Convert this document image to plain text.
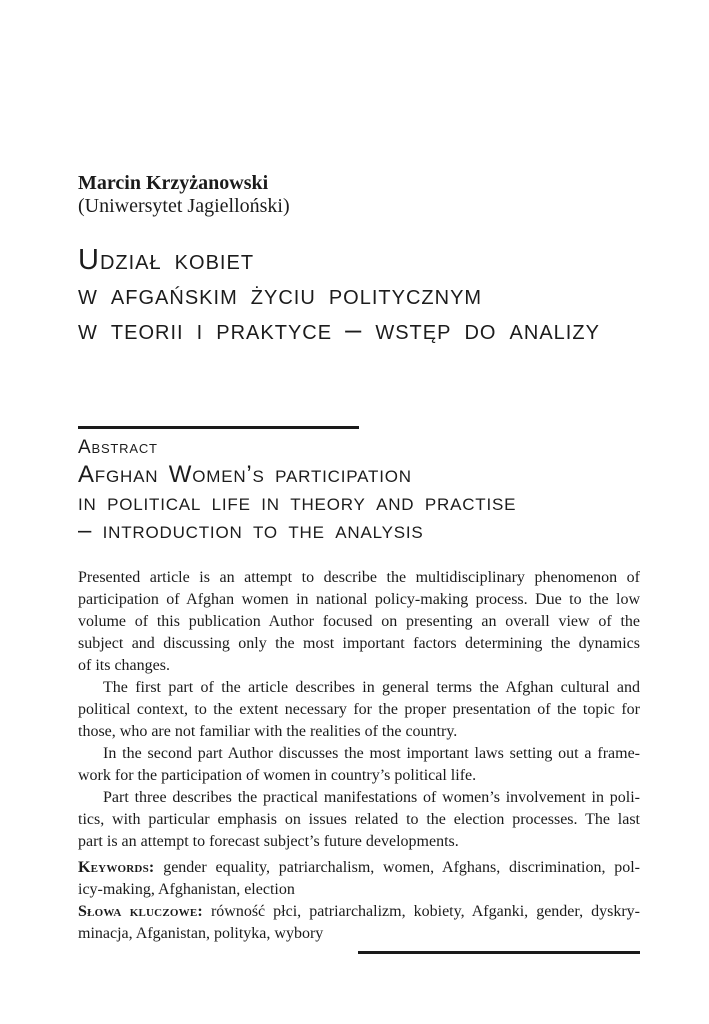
Marcin Krzyżanowski
(Uniwersytet Jagielloński)
Udział kobiet
w afgańskim życiu politycznym
w teorii i praktyce – wstęp do analizy
Abstract
Afghan Women’s participation
in political life in theory and practise
– introduction to the analysis
Presented article is an attempt to describe the multidisciplinary phenomenon of
participation of Afghan women in national policy-making process. Due to the low
volume of this publication Author focused on presenting an overall view of the
subject and discussing only the most important factors determining the dynamics
of its changes.
The first part of the article describes in general terms the Afghan cultural and
political context, to the extent necessary for the proper presentation of the topic for
those, who are not familiar with the realities of the country.
In the second part Author discusses the most important laws setting out a frame-
work for the participation of women in country’s political life.
Part three describes the practical manifestations of women’s involvement in poli-
tics, with particular emphasis on issues related to the election processes. The last
part is an attempt to forecast subject’s future developments.
Keywords: gender equality, patriarchalism, women, Afghans, discrimination, pol-
icy-making, Afghanistan, election
Słowa kluczowe: równość płci, patriarchalizm, kobiety, Afganki, gender, dyskry-
minacja, Afganistan, polityka, wybory
